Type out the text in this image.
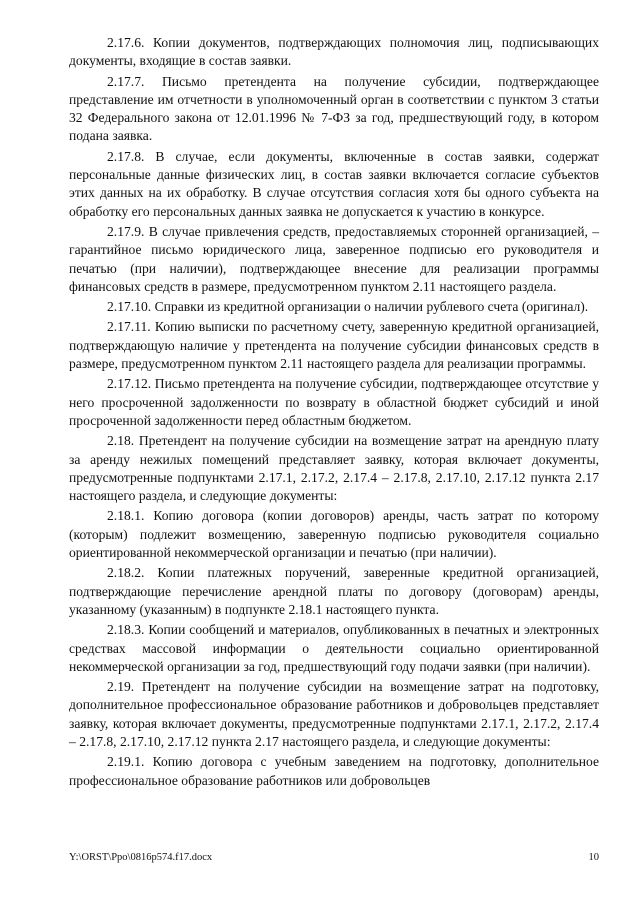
2.17.6. Копии документов, подтверждающих полномочия лиц, подписывающих документы, входящие в состав заявки.

2.17.7. Письмо претендента на получение субсидии, подтверждающее представление им отчетности в уполномоченный орган в соответствии с пунктом 3 статьи 32 Федерального закона от 12.01.1996 № 7-ФЗ за год, предшествующий году, в котором подана заявка.

2.17.8. В случае, если документы, включенные в состав заявки, содержат персональные данные физических лиц, в состав заявки включается согласие субъектов этих данных на их обработку. В случае отсутствия согласия хотя бы одного субъекта на обработку его персональных данных заявка не допускается к участию в конкурсе.

2.17.9. В случае привлечения средств, предоставляемых сторонней организацией, – гарантийное письмо юридического лица, заверенное подписью его руководителя и печатью (при наличии), подтверждающее внесение для реализации программы финансовых средств в размере, предусмотренном пунктом 2.11 настоящего раздела.

2.17.10. Справки из кредитной организации о наличии рублевого счета (оригинал).

2.17.11. Копию выписки по расчетному счету, заверенную кредитной организацией, подтверждающую наличие у претендента на получение субсидии финансовых средств в размере, предусмотренном пунктом 2.11 настоящего раздела для реализации программы.

2.17.12. Письмо претендента на получение субсидии, подтверждающее отсутствие у него просроченной задолженности по возврату в областной бюджет субсидий и иной просроченной задолженности перед областным бюджетом.

2.18. Претендент на получение субсидии на возмещение затрат на арендную плату за аренду нежилых помещений представляет заявку, которая включает документы, предусмотренные подпунктами 2.17.1, 2.17.2, 2.17.4 – 2.17.8, 2.17.10, 2.17.12 пункта 2.17 настоящего раздела, и следующие документы:

2.18.1. Копию договора (копии договоров) аренды, часть затрат по которому (которым) подлежит возмещению, заверенную подписью руководителя социально ориентированной некоммерческой организации и печатью (при наличии).

2.18.2. Копии платежных поручений, заверенные кредитной организацией, подтверждающие перечисление арендной платы по договору (договорам) аренды, указанному (указанным) в подпункте 2.18.1 настоящего пункта.

2.18.3. Копии сообщений и материалов, опубликованных в печатных и электронных средствах массовой информации о деятельности социально ориентированной некоммерческой организации за год, предшествующий году подачи заявки (при наличии).

2.19. Претендент на получение субсидии на возмещение затрат на подготовку, дополнительное профессиональное образование работников и добровольцев представляет заявку, которая включает документы, предусмотренные подпунктами 2.17.1, 2.17.2, 2.17.4 – 2.17.8, 2.17.10, 2.17.12 пункта 2.17 настоящего раздела, и следующие документы:

2.19.1. Копию договора с учебным заведением на подготовку, дополнительное профессиональное образование работников или добровольцев

Y:\ORST\Ppo\0816p574.f17.docx	10
